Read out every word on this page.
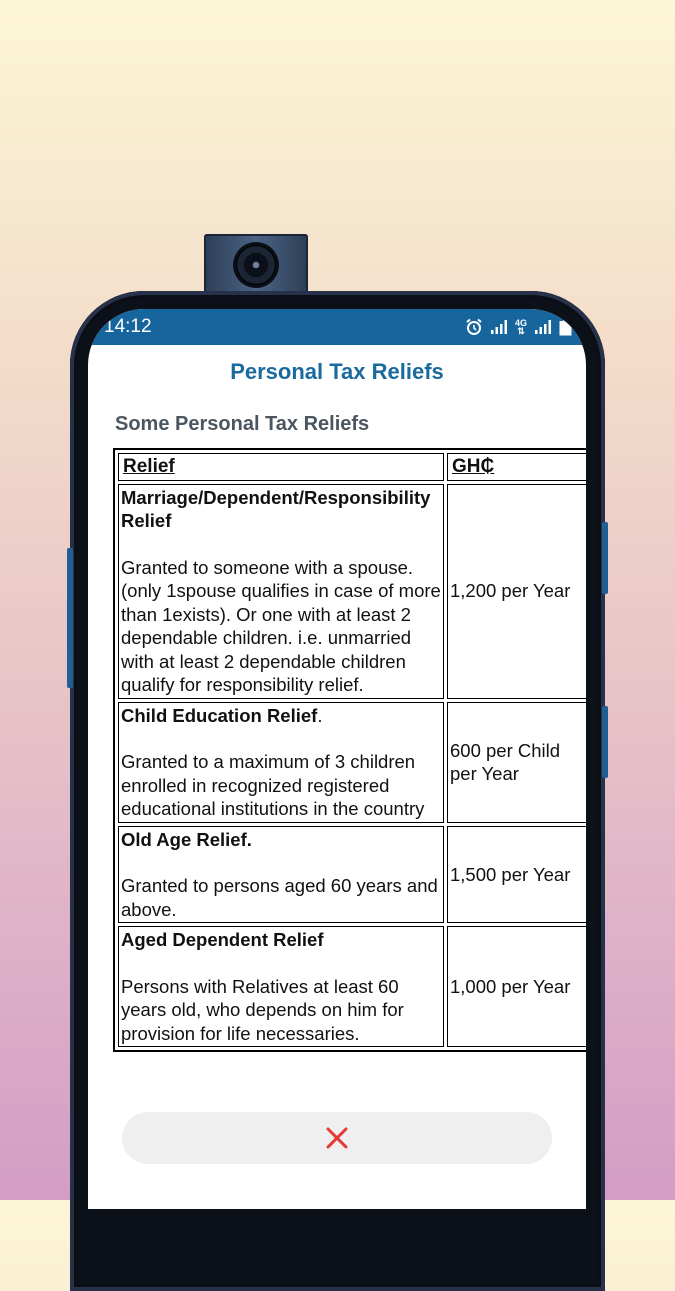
14:12	4G
⇅
Personal Tax Reliefs
Some Personal Tax Reliefs
Relief	GH₵

Marriage/Dependent/Responsibility Relief
Granted to someone with a spouse. (only 1spouse qualifies in case of more than 1exists). Or one with at least 2 dependable children. i.e. unmarried with at least 2 dependable children qualify for responsibility relief.	1,200 per Year

Child Education Relief.
Granted to a maximum of 3 children enrolled in recognized registered educational institutions in the country	600 per Child per Year

Old Age Relief.
Granted to persons aged 60 years and above.	1,500 per Year

Aged Dependent Relief
Persons with Relatives at least 60 years old, who depends on him for provision for life necessaries.	1,000 per Year
